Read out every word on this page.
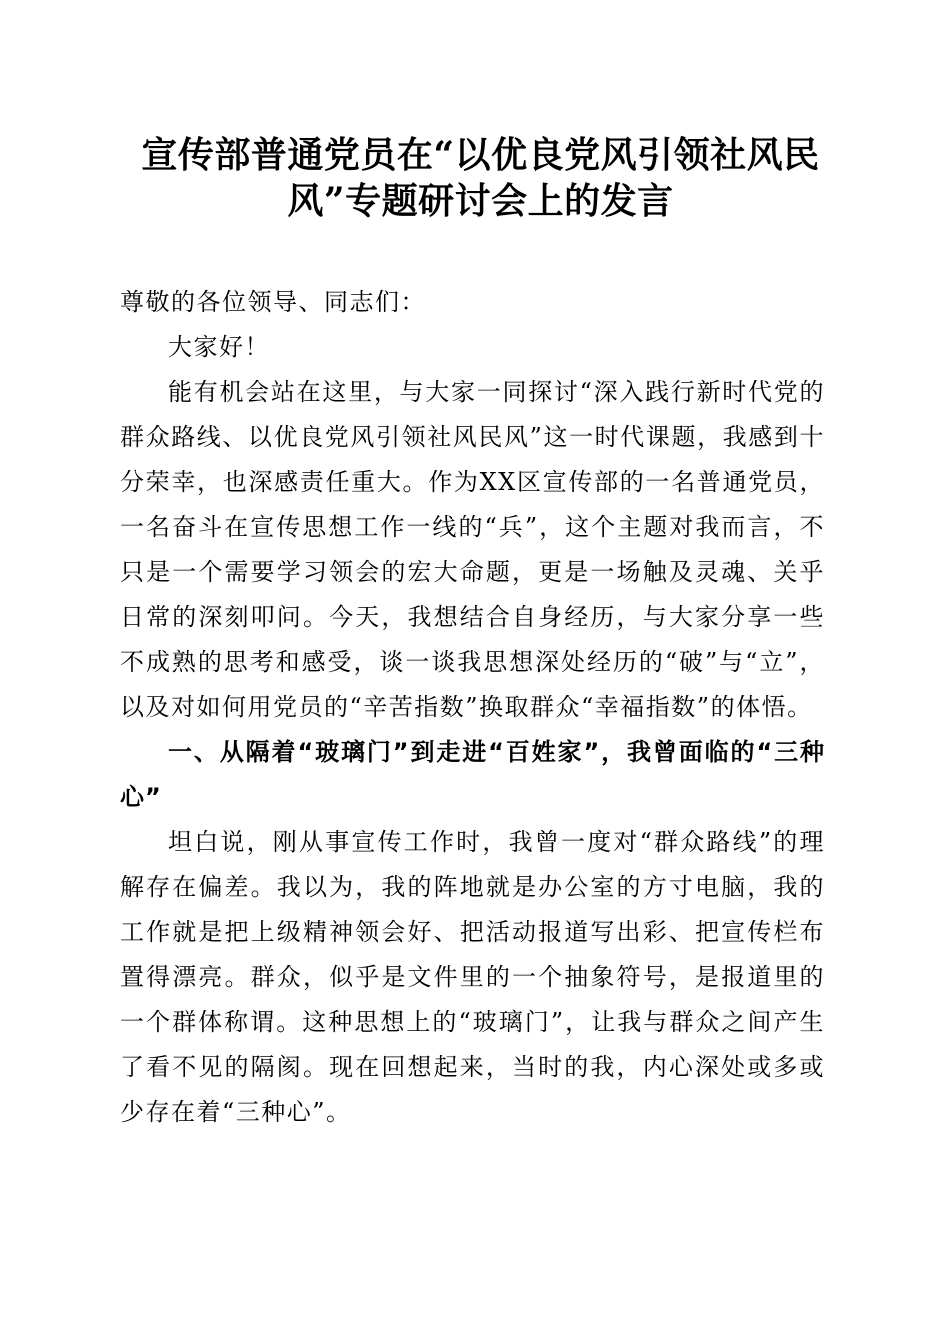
宣传部普通党员在“以优良党风引领社风民
风”专题研讨会上的发言

尊敬的各位领导、同志们：

大家好！

能有机会站在这里，与大家一同探讨“深入践行新时代党的群众路线、以优良党风引领社风民风”这一时代课题，我感到十分荣幸，也深感责任重大。作为XX区宣传部的一名普通党员，一名奋斗在宣传思想工作一线的“兵”，这个主题对我而言，不只是一个需要学习领会的宏大命题，更是一场触及灵魂、关乎日常的深刻叩问。今天，我想结合自身经历，与大家分享一些不成熟的思考和感受，谈一谈我思想深处经历的“破”与“立”，以及对如何用党员的“辛苦指数”换取群众“幸福指数”的体悟。

一、从隔着“玻璃门”到走进“百姓家”，我曾面临的“三种心”

坦白说，刚从事宣传工作时，我曾一度对“群众路线”的理解存在偏差。我以为，我的阵地就是办公室的方寸电脑，我的工作就是把上级精神领会好、把活动报道写出彩、把宣传栏布置得漂亮。群众，似乎是文件里的一个抽象符号，是报道里的一个群体称谓。这种思想上的“玻璃门”，让我与群众之间产生了看不见的隔阂。现在回想起来，当时的我，内心深处或多或少存在着“三种心”。
